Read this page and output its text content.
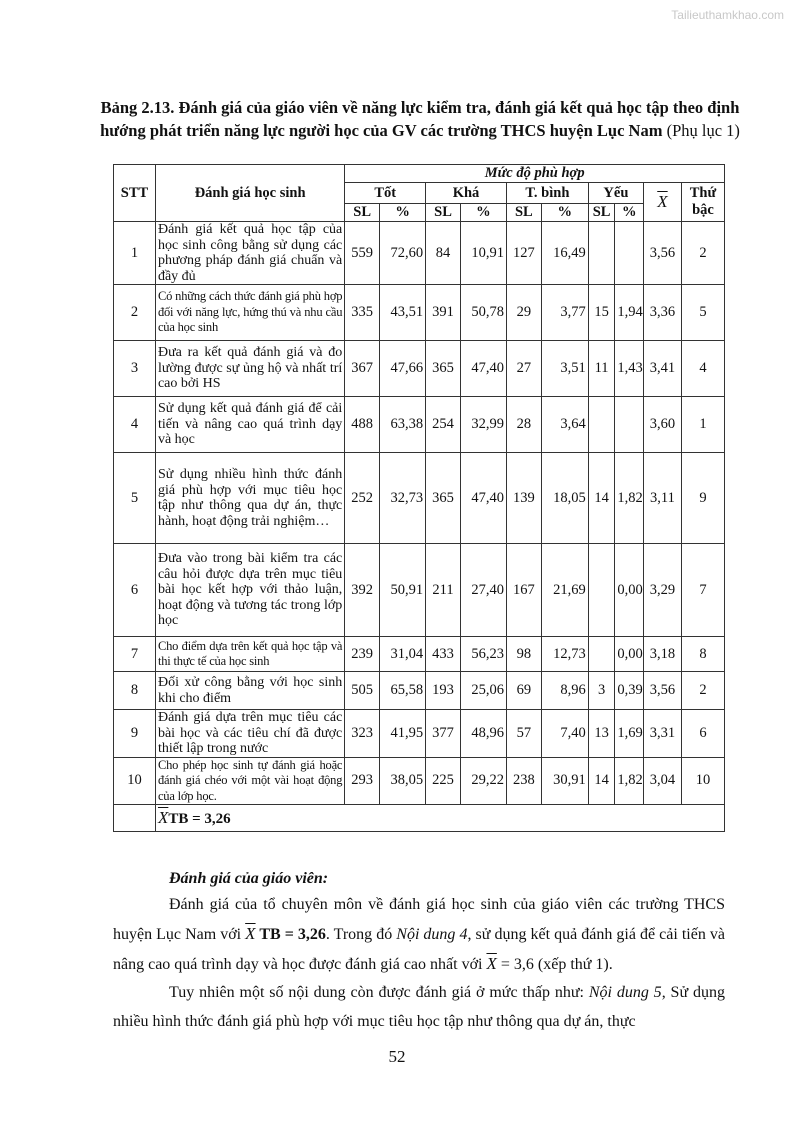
Tailieuthamkhao.com
Bảng 2.13. Đánh giá của giáo viên về năng lực kiểm tra, đánh giá kết quả học tập theo định hướng phát triển năng lực người học của GV các trường THCS huyện Lục Nam (Phụ lục 1)
STT	Đánh giá học sinh	Mức độ phù hợp									
		Tốt		Khá		T. bình		Yếu		$\overline{X}$	Thứ bậc
		SL	%	SL	%	SL	%	SL	%		
1	Đánh giá kết quả học tập của học sinh công bằng sử dụng các phương pháp đánh giá chuẩn và đầy đủ	559	72,60	84	10,91	127	16,49			3,56	2
2	Có những cách thức đánh giá phù hợp đối với năng lực, hứng thú và nhu cầu của học sinh	335	43,51	391	50,78	29	3,77	15	1,94	3,36	5
3	Đưa ra kết quả đánh giá và đo lường được sự ủng hộ và nhất trí cao bởi HS	367	47,66	365	47,40	27	3,51	11	1,43	3,41	4
4	Sử dụng kết quả đánh giá để cải tiến và nâng cao quá trình dạy và học	488	63,38	254	32,99	28	3,64			3,60	1
5	Sử dụng nhiều hình thức đánh giá phù hợp với mục tiêu học tập như thông qua dự án, thực hành, hoạt động trải nghiệm…	252	32,73	365	47,40	139	18,05	14	1,82	3,11	9
6	Đưa vào trong bài kiểm tra các câu hỏi được dựa trên mục tiêu bài học kết hợp với thảo luận, hoạt động và tương tác trong lớp học	392	50,91	211	27,40	167	21,69		0,00	3,29	7
7	Cho điểm dựa trên kết quả học tập và thi thực tế của học sinh	239	31,04	433	56,23	98	12,73		0,00	3,18	8
8	Đối xử công bằng với học sinh khi cho điểm	505	65,58	193	25,06	69	8,96	3	0,39	3,56	2
9	Đánh giá dựa trên mục tiêu các bài học và các tiêu chí đã được thiết lập trong nước	323	41,95	377	48,96	57	7,40	13	1,69	3,31	6
10	Cho phép học sinh tự đánh giá hoặc đánh giá chéo với một vài hoạt động của lớp học.	293	38,05	225	29,22	238	30,91	14	1,82	3,04	10
	$\overline{X}TB = 3,26$										
Đánh giá của giáo viên:
Đánh giá của tổ chuyên môn về đánh giá học sinh của giáo viên các trường THCS huyện Lục Nam với $\overline{X}$ TB = 3,26. Trong đó Nội dung 4, sử dụng kết quả đánh giá để cải tiến và nâng cao quá trình dạy và học được đánh giá cao nhất với $\overline{X} = 3,6$ (xếp thứ 1).
Tuy nhiên một số nội dung còn được đánh giá ở mức thấp như: Nội dung 5, Sử dụng nhiều hình thức đánh giá phù hợp với mục tiêu học tập như thông qua dự án, thực
52
